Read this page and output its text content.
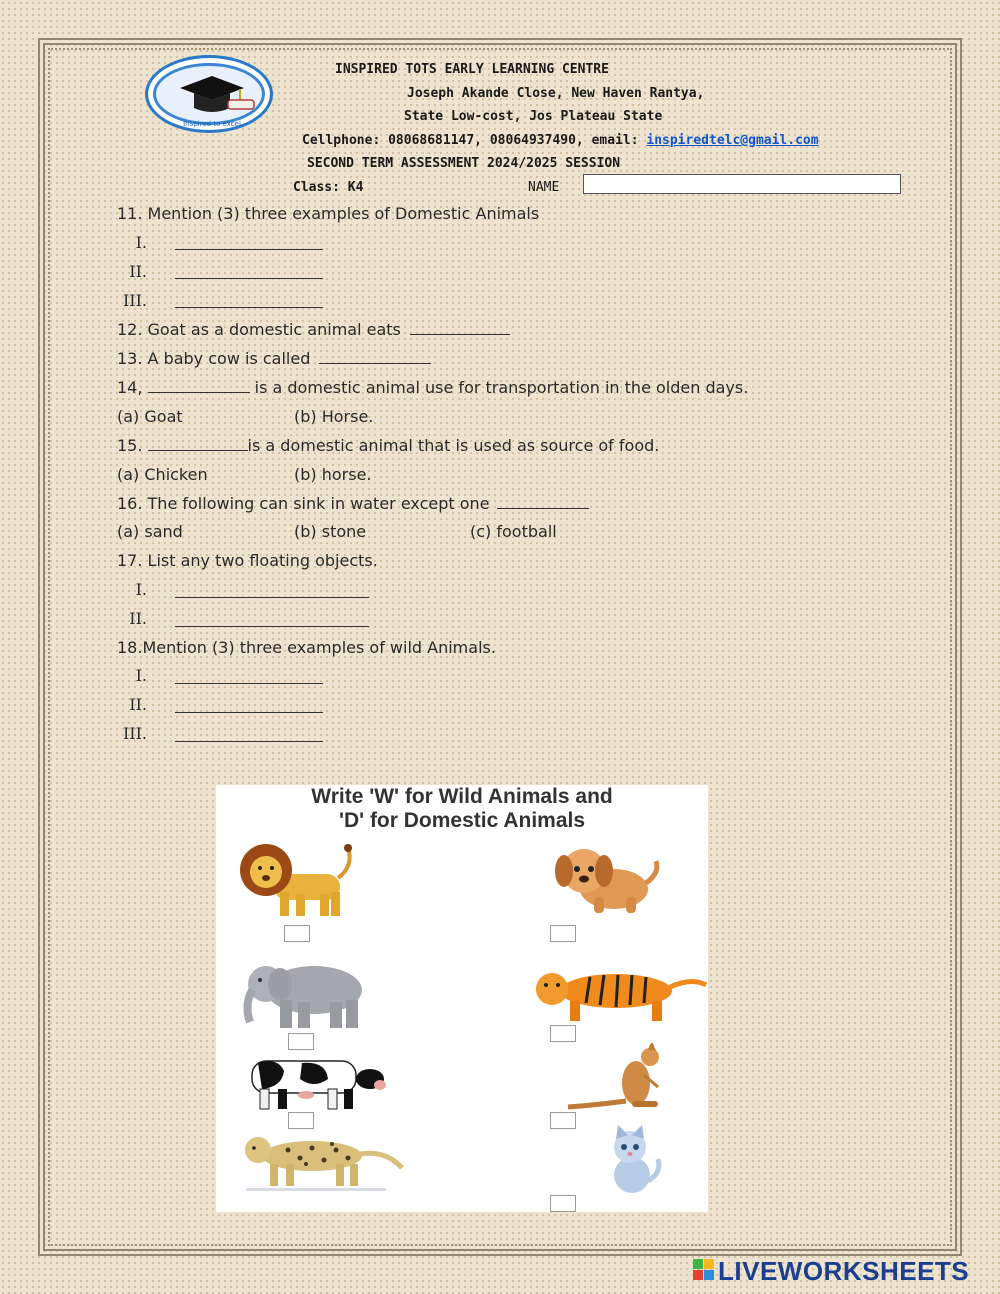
Inspired to excel
INSPIRED TOTS EARLY LEARNING CENTRE
Joseph Akande Close, New Haven Rantya,
State Low-cost, Jos Plateau State
Cellphone: 08068681147, 08064937490, email: inspiredtelc@gmail.com
SECOND TERM ASSESSMENT 2024/2025 SESSION
Class: K4	NAME
11. Mention (3) three examples of Domestic Animals
I.
II.
III.
12. Goat as a domestic animal eats
13. A baby cow is called
14,	is a domestic animal use for transportation in the olden days.
(a) Goat	(b) Horse.
15.	is a domestic animal that is used as source of food.
(a) Chicken	(b) horse.
16. The following can sink in water except one
(a) sand	(b) stone	(c) football
17. List any two floating objects.
I.
II.
18.Mention (3) three examples of wild Animals.
I.
II.
III.
Write 'W' for Wild Animals and
'D' for Domestic Animals
LIVEWORKSHEETS
